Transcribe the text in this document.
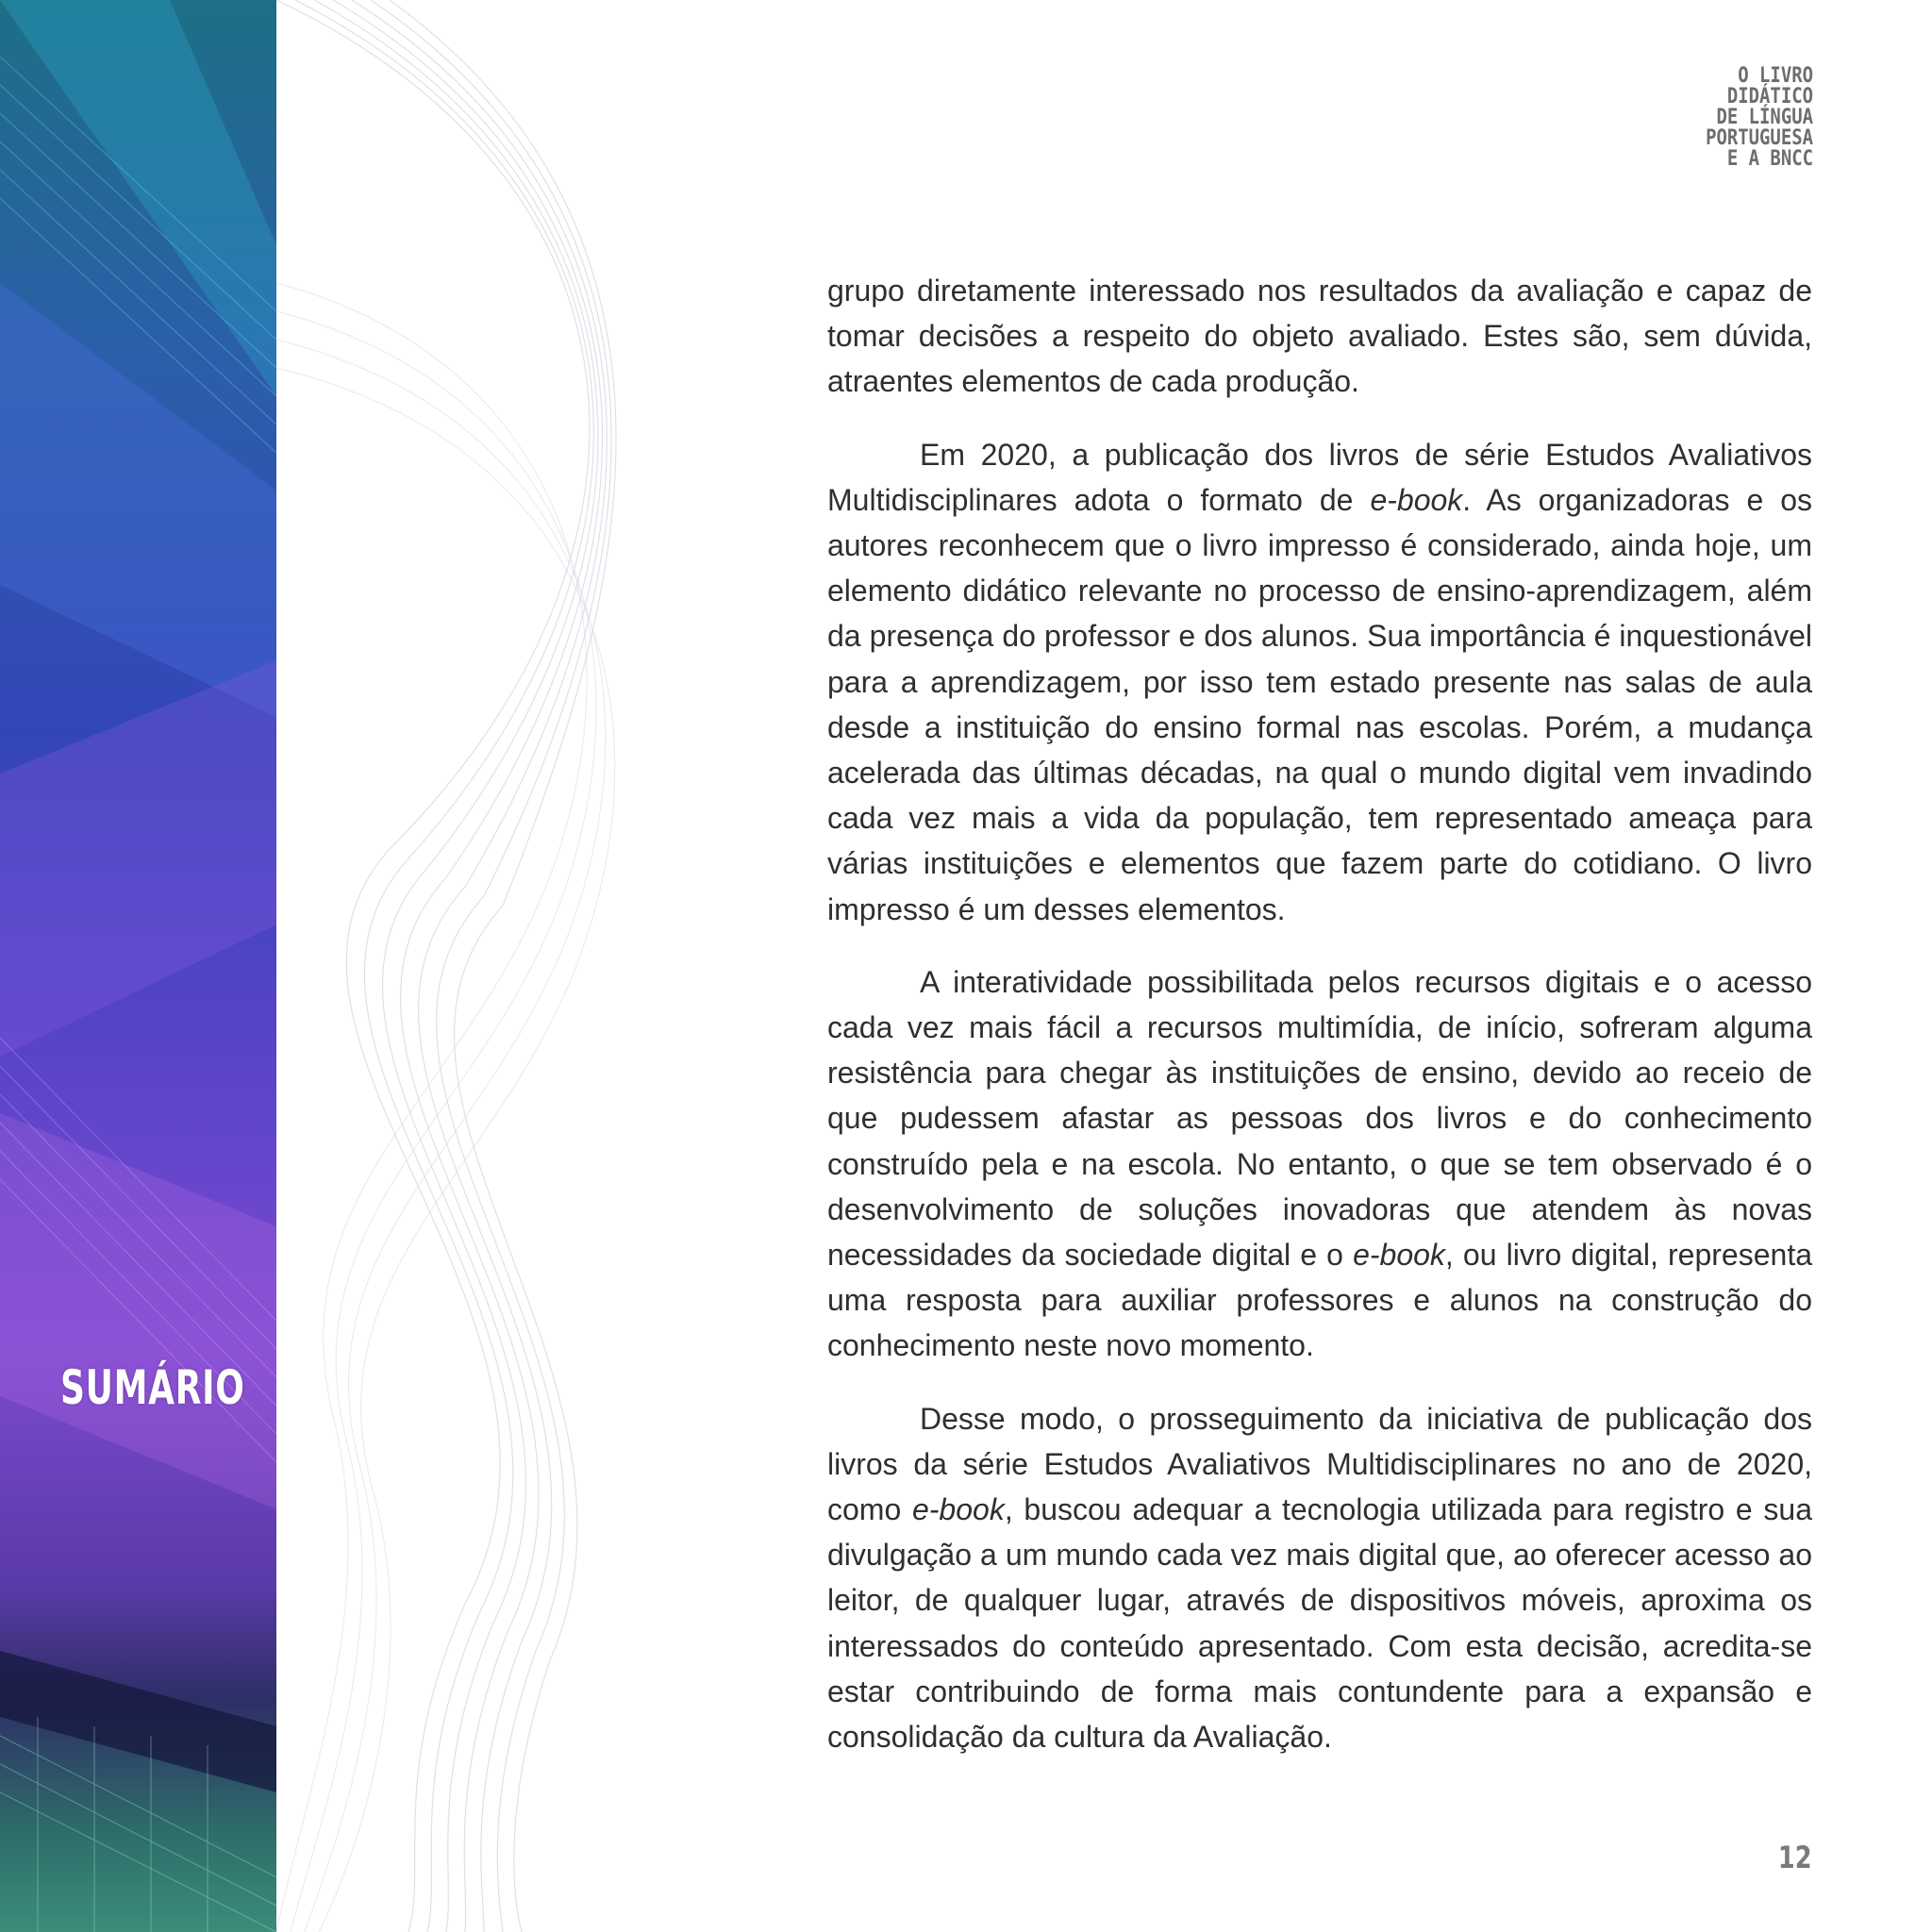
SUMÁRIO
O LIVRO
DIDÁTICO
DE LÍNGUA
PORTUGUESA
E A BNCC

grupo diretamente interessado nos resultados da avaliação e capaz de tomar decisões a respeito do objeto avaliado. Estes são, sem dúvida, atraentes elementos de cada produção.

Em 2020, a publicação dos livros de série Estudos Avaliativos Multidisciplinares adota o formato de e-book. As organizadoras e os autores reconhecem que o livro impresso é considerado, ainda hoje, um elemento didático relevante no processo de ensino-aprendizagem, além da presença do professor e dos alunos. Sua importância é inquestionável para a aprendizagem, por isso tem estado presente nas salas de aula desde a instituição do ensino formal nas escolas. Porém, a mudança acelerada das últimas décadas, na qual o mundo digital vem invadindo cada vez mais a vida da população, tem representado ameaça para várias instituições e elementos que fazem parte do cotidiano. O livro impresso é um desses elementos.

A interatividade possibilitada pelos recursos digitais e o acesso cada vez mais fácil a recursos multimídia, de início, sofreram alguma resistência para chegar às instituições de ensino, devido ao receio de que pudessem afastar as pessoas dos livros e do conhecimento construído pela e na escola. No entanto, o que se tem observado é o desenvolvimento de soluções inovadoras que atendem às novas necessidades da sociedade digital e o e-book, ou livro digital, representa uma resposta para auxiliar professores e alunos na construção do conhecimento neste novo momento.

Desse modo, o prosseguimento da iniciativa de publicação dos livros da série Estudos Avaliativos Multidisciplinares no ano de 2020, como e-book, buscou adequar a tecnologia utilizada para registro e sua divulgação a um mundo cada vez mais digital que, ao oferecer acesso ao leitor, de qualquer lugar, através de dispositivos móveis, aproxima os interessados do conteúdo apresentado. Com esta decisão, acredita-se estar contribuindo de forma mais contundente para a expansão e consolidação da cultura da Avaliação.

12
